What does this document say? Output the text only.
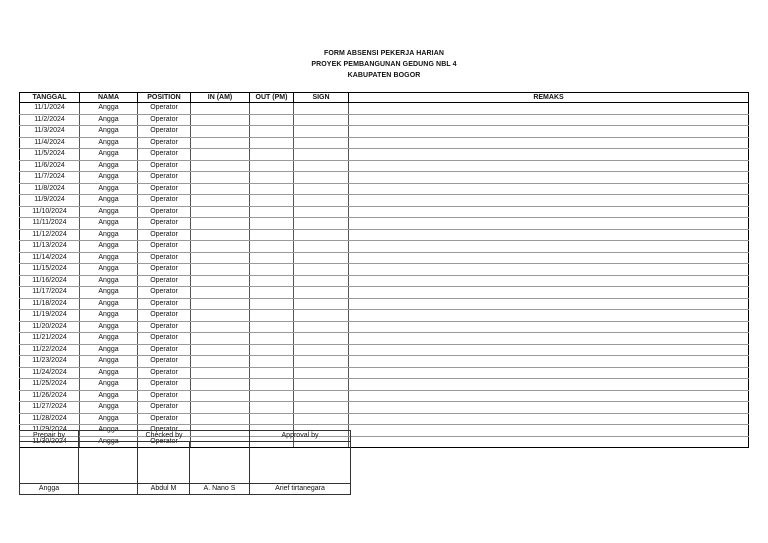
FORM ABSENSI PEKERJA HARIAN
PROYEK PEMBANGUNAN GEDUNG NBL 4
KABUPATEN BOGOR
TANGGAL	NAMA	POSITION	IN (AM)	OUT (PM)	SIGN	REMAKS
11/1/2024	Angga	Operator				
11/2/2024	Angga	Operator				
11/3/2024	Angga	Operator				
11/4/2024	Angga	Operator				
11/5/2024	Angga	Operator				
11/6/2024	Angga	Operator				
11/7/2024	Angga	Operator				
11/8/2024	Angga	Operator				
11/9/2024	Angga	Operator				
11/10/2024	Angga	Operator				
11/11/2024	Angga	Operator				
11/12/2024	Angga	Operator				
11/13/2024	Angga	Operator				
11/14/2024	Angga	Operator				
11/15/2024	Angga	Operator				
11/16/2024	Angga	Operator				
11/17/2024	Angga	Operator				
11/18/2024	Angga	Operator				
11/19/2024	Angga	Operator				
11/20/2024	Angga	Operator				
11/21/2024	Angga	Operator				
11/22/2024	Angga	Operator				
11/23/2024	Angga	Operator				
11/24/2024	Angga	Operator				
11/25/2024	Angga	Operator				
11/26/2024	Angga	Operator				
11/27/2024	Angga	Operator				
11/28/2024	Angga	Operator				
11/29/2024	Angga	Operator				
11/30/2024	Angga	Operator				
Prepair by	Checked by			Approval by

Angga		Abdul M	A. Nano S	Arief tirtanegara
